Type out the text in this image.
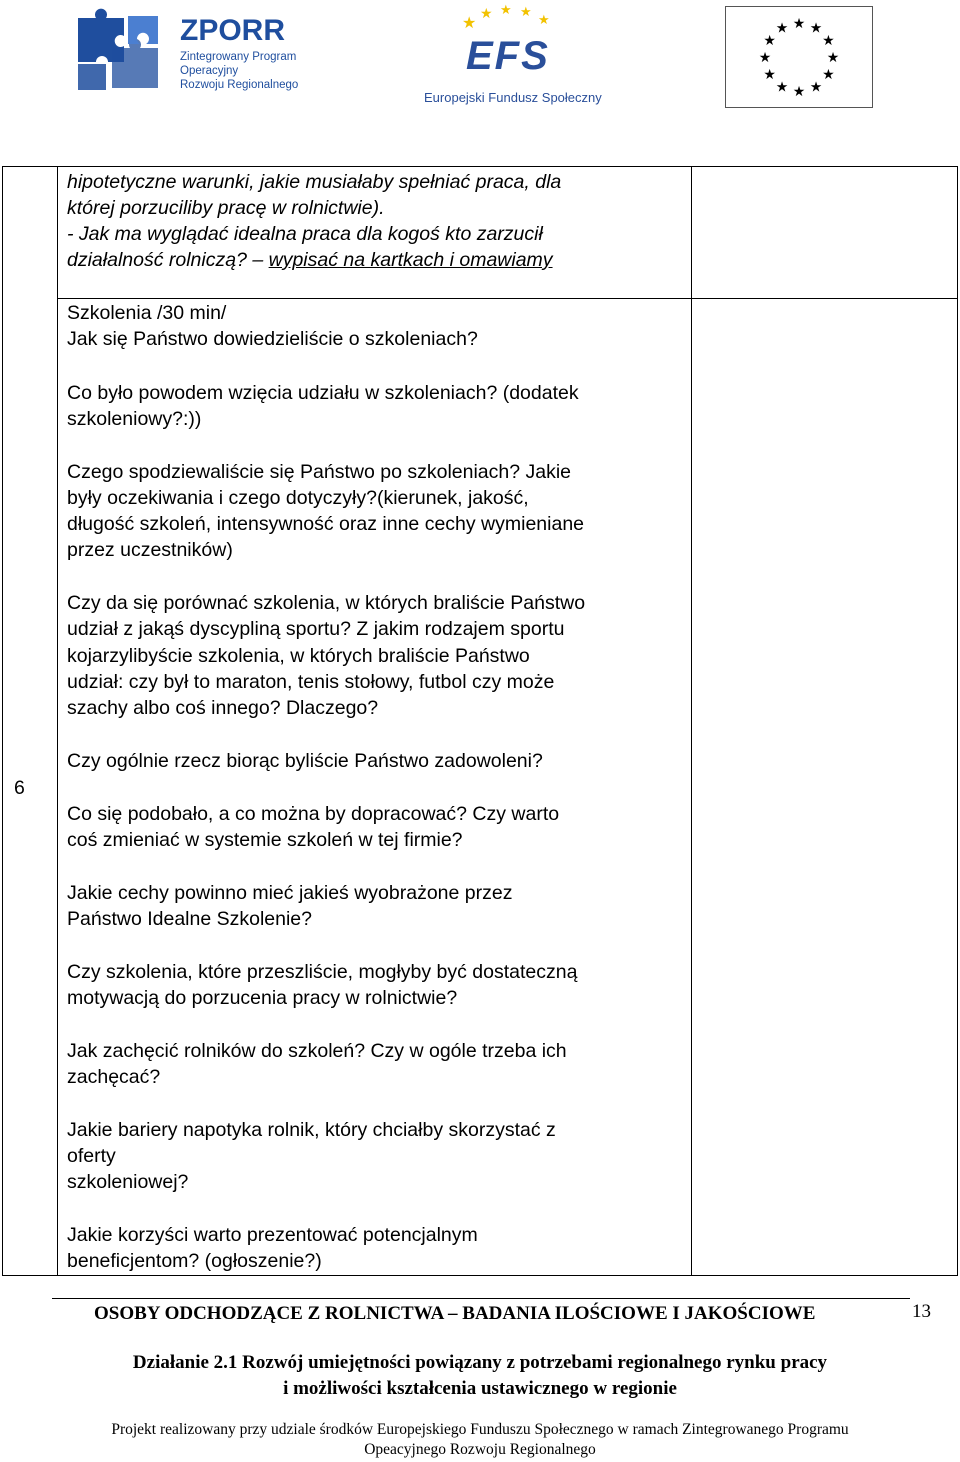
ZPORR
Zintegrowany Program
Operacyjny
Rozwoju Regionalnego
★ ★ ★ ★
★
EFS
Europejski Fundusz Społeczny
★ ★
★
★
★
★
★
★
★
★
★
★
6
hipotetyczne warunki, jakie musiałaby spełniać praca, dla
której porzuciliby pracę w rolnictwie).
- Jak ma wyglądać idealna praca dla kogoś kto zarzucił
działalność rolniczą? – wypisać na kartkach i omawiamy
Szkolenia /30 min/
Jak się Państwo dowiedzieliście o szkoleniach?
Co było powodem wzięcia udziału w szkoleniach? (dodatek
szkoleniowy?:))
Czego spodziewaliście się Państwo po szkoleniach? Jakie
były oczekiwania i czego dotyczyły?(kierunek, jakość,
długość szkoleń, intensywność oraz inne cechy wymieniane
przez uczestników)
Czy da się porównać szkolenia, w których braliście Państwo
udział z jakąś dyscypliną sportu? Z jakim rodzajem sportu
kojarzylibyście szkolenia, w których braliście Państwo
udział: czy był to maraton, tenis stołowy, futbol czy może
szachy albo coś innego? Dlaczego?
Czy ogólnie rzecz biorąc byliście Państwo zadowoleni?
Co się podobało, a co można by dopracować? Czy warto
coś zmieniać w systemie szkoleń w tej firmie?
Jakie cechy powinno mieć jakieś wyobrażone przez
Państwo Idealne Szkolenie?
Czy szkolenia, które przeszliście, mogłyby być dostateczną
motywacją do porzucenia pracy w rolnictwie?
Jak zachęcić rolników do szkoleń? Czy w ogóle trzeba ich
zachęcać?
Jakie bariery napotyka rolnik, który chciałby skorzystać z
oferty
szkoleniowej?
Jakie korzyści warto prezentować potencjalnym
beneficjentom? (ogłoszenie?)
OSOBY ODCHODZĄCE Z ROLNICTWA – BADANIA ILOŚCIOWE I JAKOŚCIOWE	13
Działanie 2.1 Rozwój umiejętności powiązany z potrzebami regionalnego rynku pracy
i możliwości kształcenia ustawicznego w regionie
Projekt realizowany przy udziale środków Europejskiego Funduszu Społecznego w ramach Zintegrowanego Programu
Opeacyjnego Rozwoju Regionalnego
